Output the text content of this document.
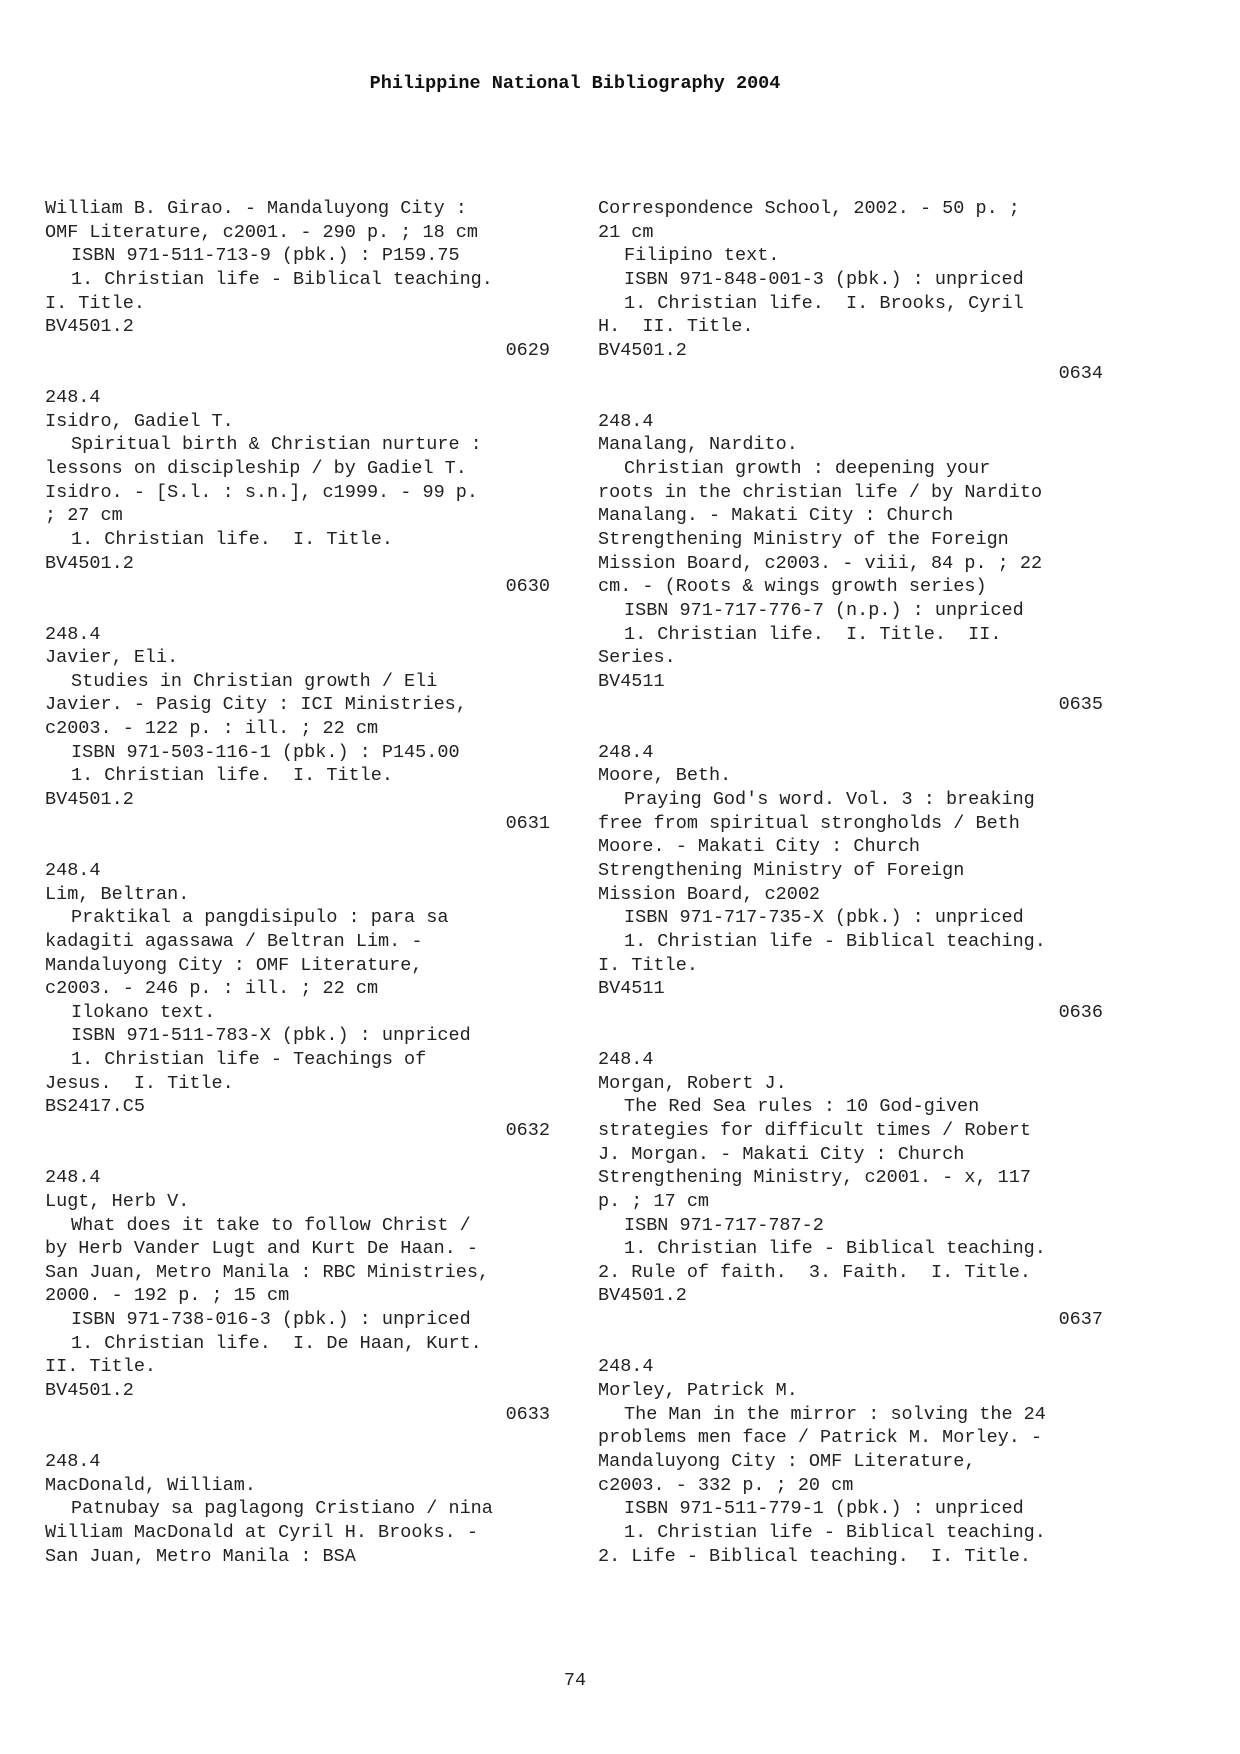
Philippine National Bibliography 2004
William B. Girao. - Mandaluyong City :
OMF Literature, c2001. - 290 p. ; 18 cm
ISBN 971-511-713-9 (pbk.) : P159.75
1. Christian life - Biblical teaching.
I. Title.
BV4501.2
0629
248.4
Isidro, Gadiel T.
Spiritual birth & Christian nurture :
lessons on discipleship / by Gadiel T.
Isidro. - [S.l. : s.n.], c1999. - 99 p.
; 27 cm
1. Christian life.  I. Title.
BV4501.2
0630
248.4
Javier, Eli.
Studies in Christian growth / Eli
Javier. - Pasig City : ICI Ministries,
c2003. - 122 p. : ill. ; 22 cm
ISBN 971-503-116-1 (pbk.) : P145.00
1. Christian life.  I. Title.
BV4501.2
0631
248.4
Lim, Beltran.
Praktikal a pangdisipulo : para sa
kadagiti agassawa / Beltran Lim. -
Mandaluyong City : OMF Literature,
c2003. - 246 p. : ill. ; 22 cm
Ilokano text.
ISBN 971-511-783-X (pbk.) : unpriced
1. Christian life - Teachings of
Jesus.  I. Title.
BS2417.C5
0632
248.4
Lugt, Herb V.
What does it take to follow Christ /
by Herb Vander Lugt and Kurt De Haan. -
San Juan, Metro Manila : RBC Ministries,
2000. - 192 p. ; 15 cm
ISBN 971-738-016-3 (pbk.) : unpriced
1. Christian life.  I. De Haan, Kurt.
II. Title.
BV4501.2
0633
248.4
MacDonald, William.
Patnubay sa paglagong Cristiano / nina
William MacDonald at Cyril H. Brooks. -
San Juan, Metro Manila : BSA
Correspondence School, 2002. - 50 p. ;
21 cm
Filipino text.
ISBN 971-848-001-3 (pbk.) : unpriced
1. Christian life.  I. Brooks, Cyril
H.  II. Title.
BV4501.2
0634
248.4
Manalang, Nardito.
Christian growth : deepening your
roots in the christian life / by Nardito
Manalang. - Makati City : Church
Strengthening Ministry of the Foreign
Mission Board, c2003. - viii, 84 p. ; 22
cm. - (Roots & wings growth series)
ISBN 971-717-776-7 (n.p.) : unpriced
1. Christian life.  I. Title.  II.
Series.
BV4511
0635
248.4
Moore, Beth.
Praying God's word. Vol. 3 : breaking
free from spiritual strongholds / Beth
Moore. - Makati City : Church
Strengthening Ministry of Foreign
Mission Board, c2002
ISBN 971-717-735-X (pbk.) : unpriced
1. Christian life - Biblical teaching.
I. Title.
BV4511
0636
248.4
Morgan, Robert J.
The Red Sea rules : 10 God-given
strategies for difficult times / Robert
J. Morgan. - Makati City : Church
Strengthening Ministry, c2001. - x, 117
p. ; 17 cm
ISBN 971-717-787-2
1. Christian life - Biblical teaching.
2. Rule of faith.  3. Faith.  I. Title.
BV4501.2
0637
248.4
Morley, Patrick M.
The Man in the mirror : solving the 24
problems men face / Patrick M. Morley. -
Mandaluyong City : OMF Literature,
c2003. - 332 p. ; 20 cm
ISBN 971-511-779-1 (pbk.) : unpriced
1. Christian life - Biblical teaching.
2. Life - Biblical teaching.  I. Title.
74
